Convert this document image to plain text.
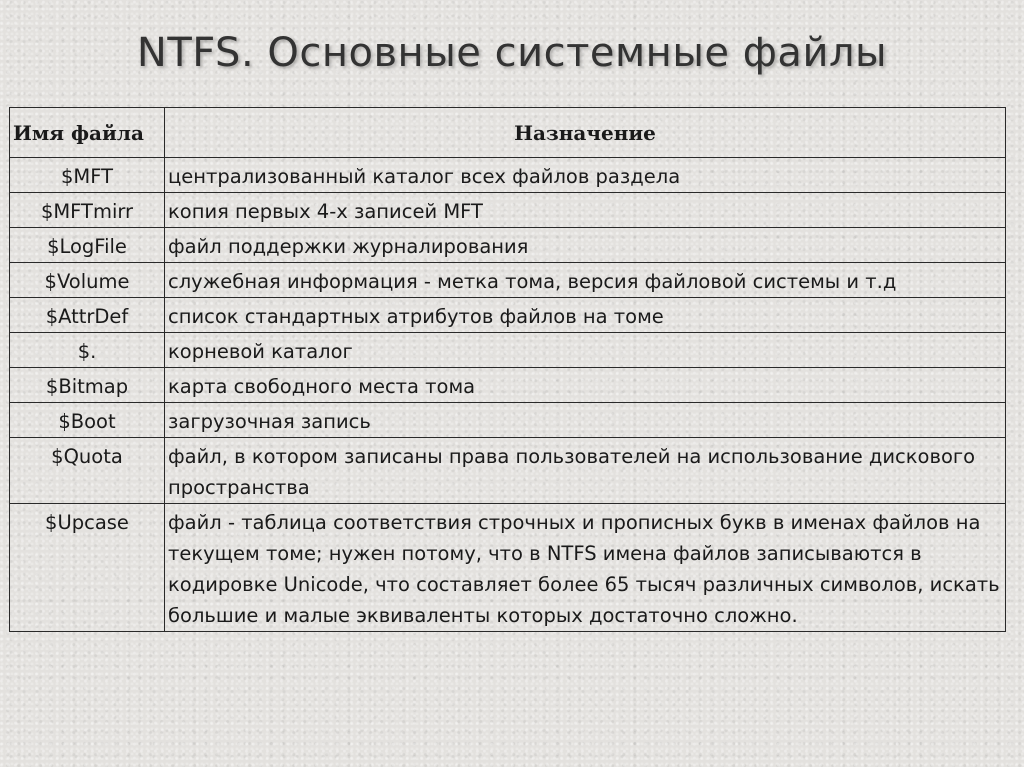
NTFS. Основные системные файлы
Имя файла	Назначение
$MFT	централизованный каталог всех файлов раздела
$MFTmirr	копия первых 4-х записей MFT
$LogFile	файл поддержки журналирования
$Volume	служебная информация - метка тома, версия файловой системы и т.д
$AttrDef	список стандартных атрибутов файлов на томе
$.	корневой каталог
$Bitmap	карта свободного места тома
$Boot	загрузочная запись
$Quota	файл, в котором записаны права пользователей на использование дискового пространства
$Upcase	файл - таблица соответствия строчных и прописных букв в именах файлов на текущем томе; нужен потому, что в NTFS имена файлов записываются в кодировке Unicode, что составляет более 65 тысяч различных символов, искать большие и малые эквиваленты которых достаточно сложно.
